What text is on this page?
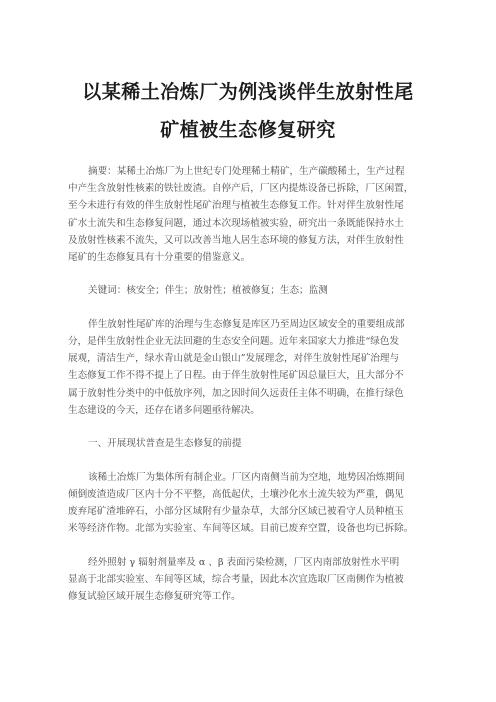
以某稀土冶炼厂为例浅谈伴生放射性尾
矿植被生态修复研究
摘要：某稀土冶炼厂为上世纪专门处理稀土精矿，生产碳酸稀土，生产过程
中产生含放射性核素的铁钍废渣。自停产后，厂区内提炼设备已拆除，厂区闲置，
至今未进行有效的伴生放射性尾矿治理与植被生态修复工作。针对伴生放射性尾
矿水土流失和生态修复问题，通过本次现场植被实验，研究出一条既能保持水土
及放射性核素不流失，又可以改善当地人居生态环境的修复方法，对伴生放射性
尾矿的生态修复具有十分重要的借鉴意义。
关键词：核安全；伴生；放射性；植被修复；生态；监测
伴生放射性尾矿库的治理与生态修复是库区乃至周边区域安全的重要组成部
分，是伴生放射性企业无法回避的生态安全问题。近年来国家大力推进“绿色发
展观，清洁生产，绿水青山就是金山银山”发展理念，对伴生放射性尾矿治理与
生态修复工作不得不提上了日程。由于伴生放射性尾矿因总量巨大，且大部分不
属于放射性分类中的中低放序列，加之因时间久远责任主体不明确，在推行绿色
生态建设的今天，还存在诸多问题亟待解决。
一、开展现状普查是生态修复的前提
该稀土冶炼厂为集体所有制企业。厂区内南侧当前为空地，地势因冶炼期间
倾倒废渣造成厂区内十分不平整，高低起伏，土壤沙化水土流失较为严重，偶见
废弃尾矿渣堆碎石，小部分区域附有少量杂草，大部分区域已被看守人员种植玉
米等经济作物。北部为实验室、车间等区域。目前已废弃空置，设备也均已拆除。
经外照射 γ 辐射剂量率及 α 、β 表面污染检测，厂区内南部放射性水平明
显高于北部实验室、车间等区域，综合考量，因此本次宜选取厂区南侧作为植被
修复试验区域开展生态修复研究等工作。
